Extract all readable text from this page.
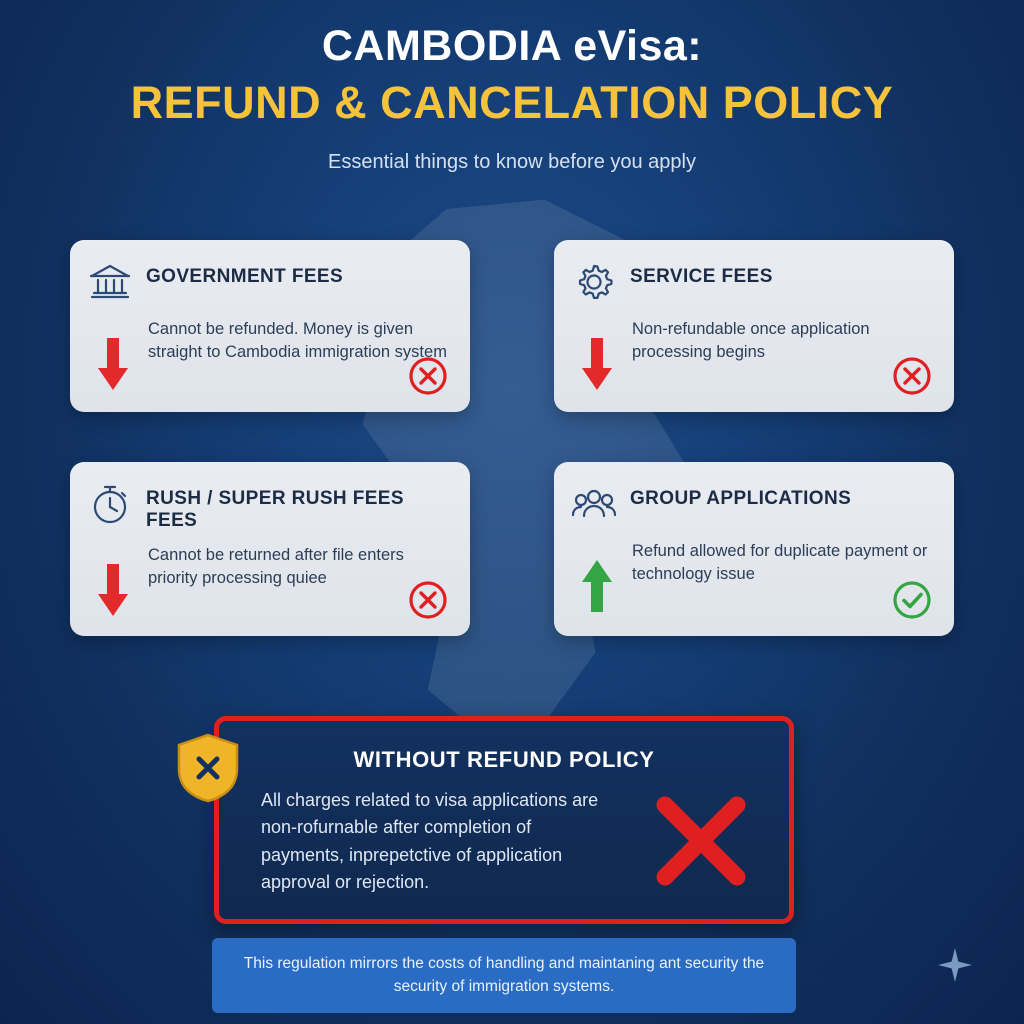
CAMBODIA eVisa:
REFUND & CANCELATION POLICY
Essential things to know before you apply
GOVERNMENT FEES
Cannot be refunded. Money is given straight to Cambodia immigration system
SERVICE FEES
Non-refundable once application processing begins
RUSH / SUPER RUSH FEES FEES
Cannot be returned after file enters priority processing quiee
GROUP APPLICATIONS
Refund allowed for duplicate payment or technology issue
WITHOUT REFUND POLICY
All charges related to visa applications are non-rofurnable after completion of payments, inprepetctive of application approval or rejection.
This regulation mirrors the costs of handling and maintaning ant security the security of immigration systems.
